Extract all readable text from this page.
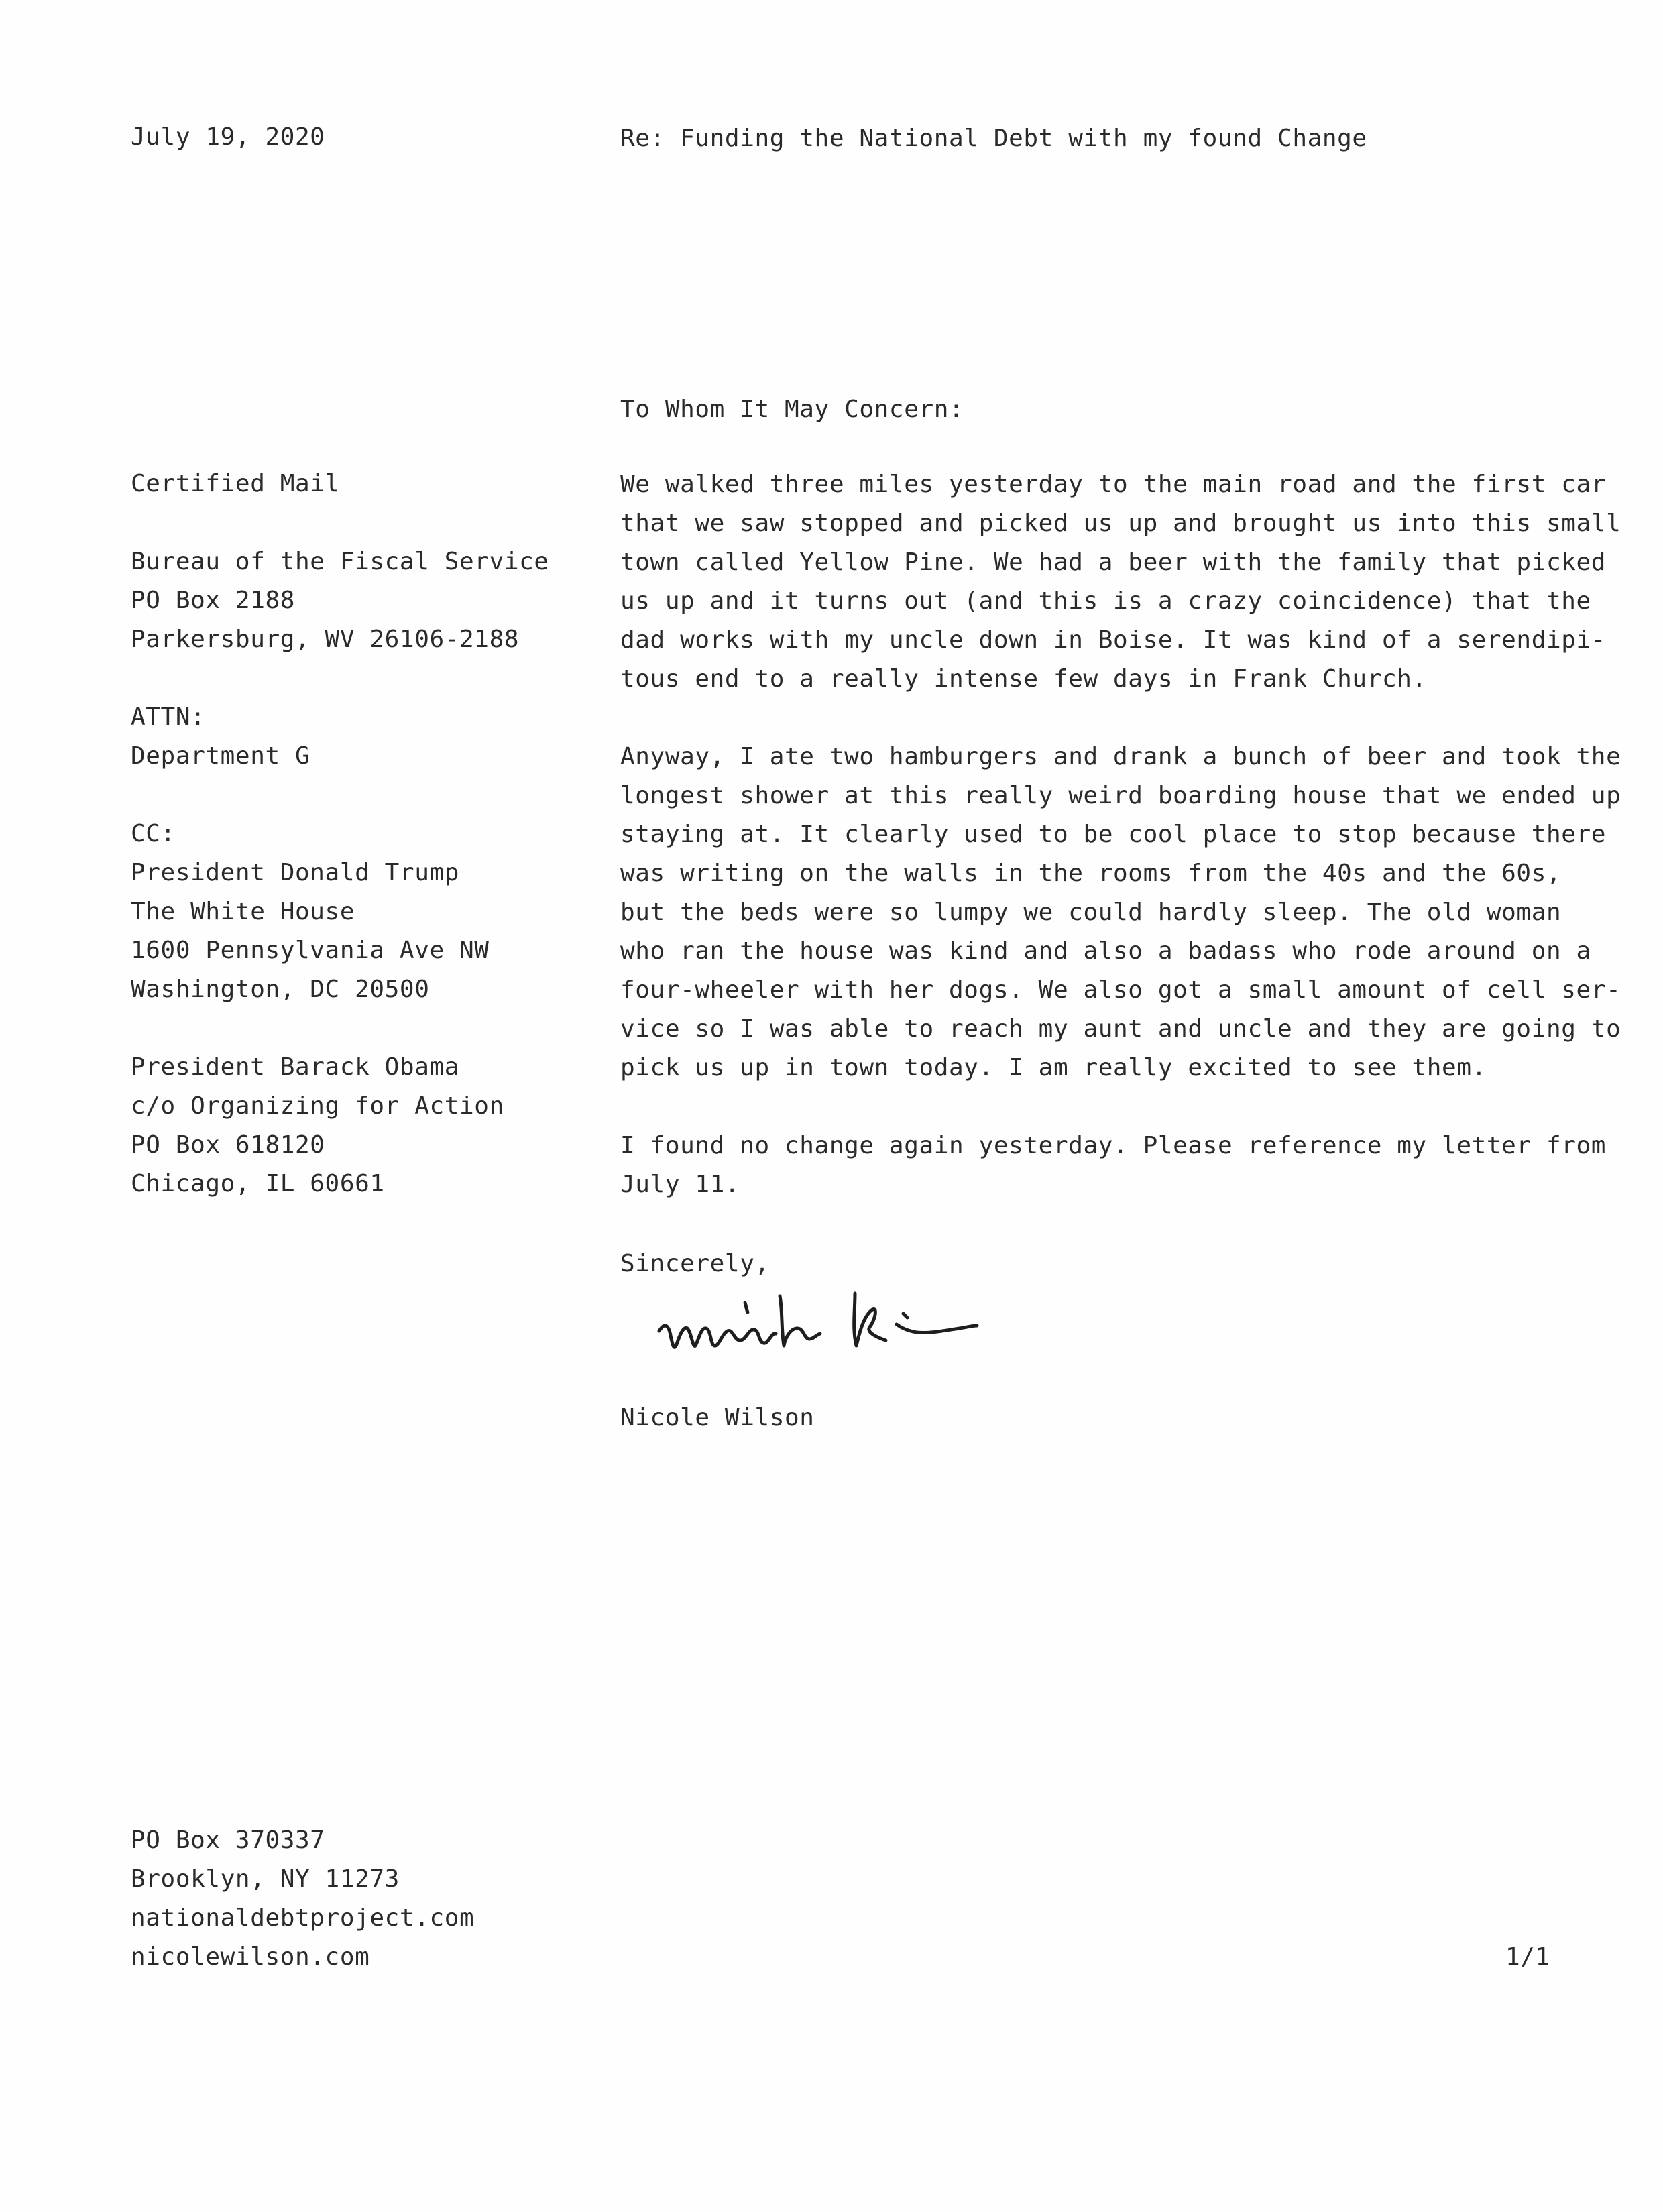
July 19, 2020	Re: Funding the National Debt with my found Change
To Whom It May Concern:
Certified Mail
Bureau of the Fiscal Service
PO Box 2188
Parkersburg, WV 26106-2188
ATTN:
Department G
CC:
President Donald Trump
The White House
1600 Pennsylvania Ave NW
Washington, DC 20500
President Barack Obama
c/o Organizing for Action
PO Box 618120
Chicago, IL 60661
We walked three miles yesterday to the main road and the first car
that we saw stopped and picked us up and brought us into this small
town called Yellow Pine. We had a beer with the family that picked
us up and it turns out (and this is a crazy coincidence) that the
dad works with my uncle down in Boise. It was kind of a serendipi-
tous end to a really intense few days in Frank Church.
Anyway, I ate two hamburgers and drank a bunch of beer and took the
longest shower at this really weird boarding house that we ended up
staying at. It clearly used to be cool place to stop because there
was writing on the walls in the rooms from the 40s and the 60s,
but the beds were so lumpy we could hardly sleep. The old woman
who ran the house was kind and also a badass who rode around on a
four-wheeler with her dogs. We also got a small amount of cell ser-
vice so I was able to reach my aunt and uncle and they are going to
pick us up in town today. I am really excited to see them.
I found no change again yesterday. Please reference my letter from
July 11.
Sincerely,
Nicole Wilson
PO Box 370337
Brooklyn, NY 11273
nationaldebtproject.com
nicolewilson.com	1/1
